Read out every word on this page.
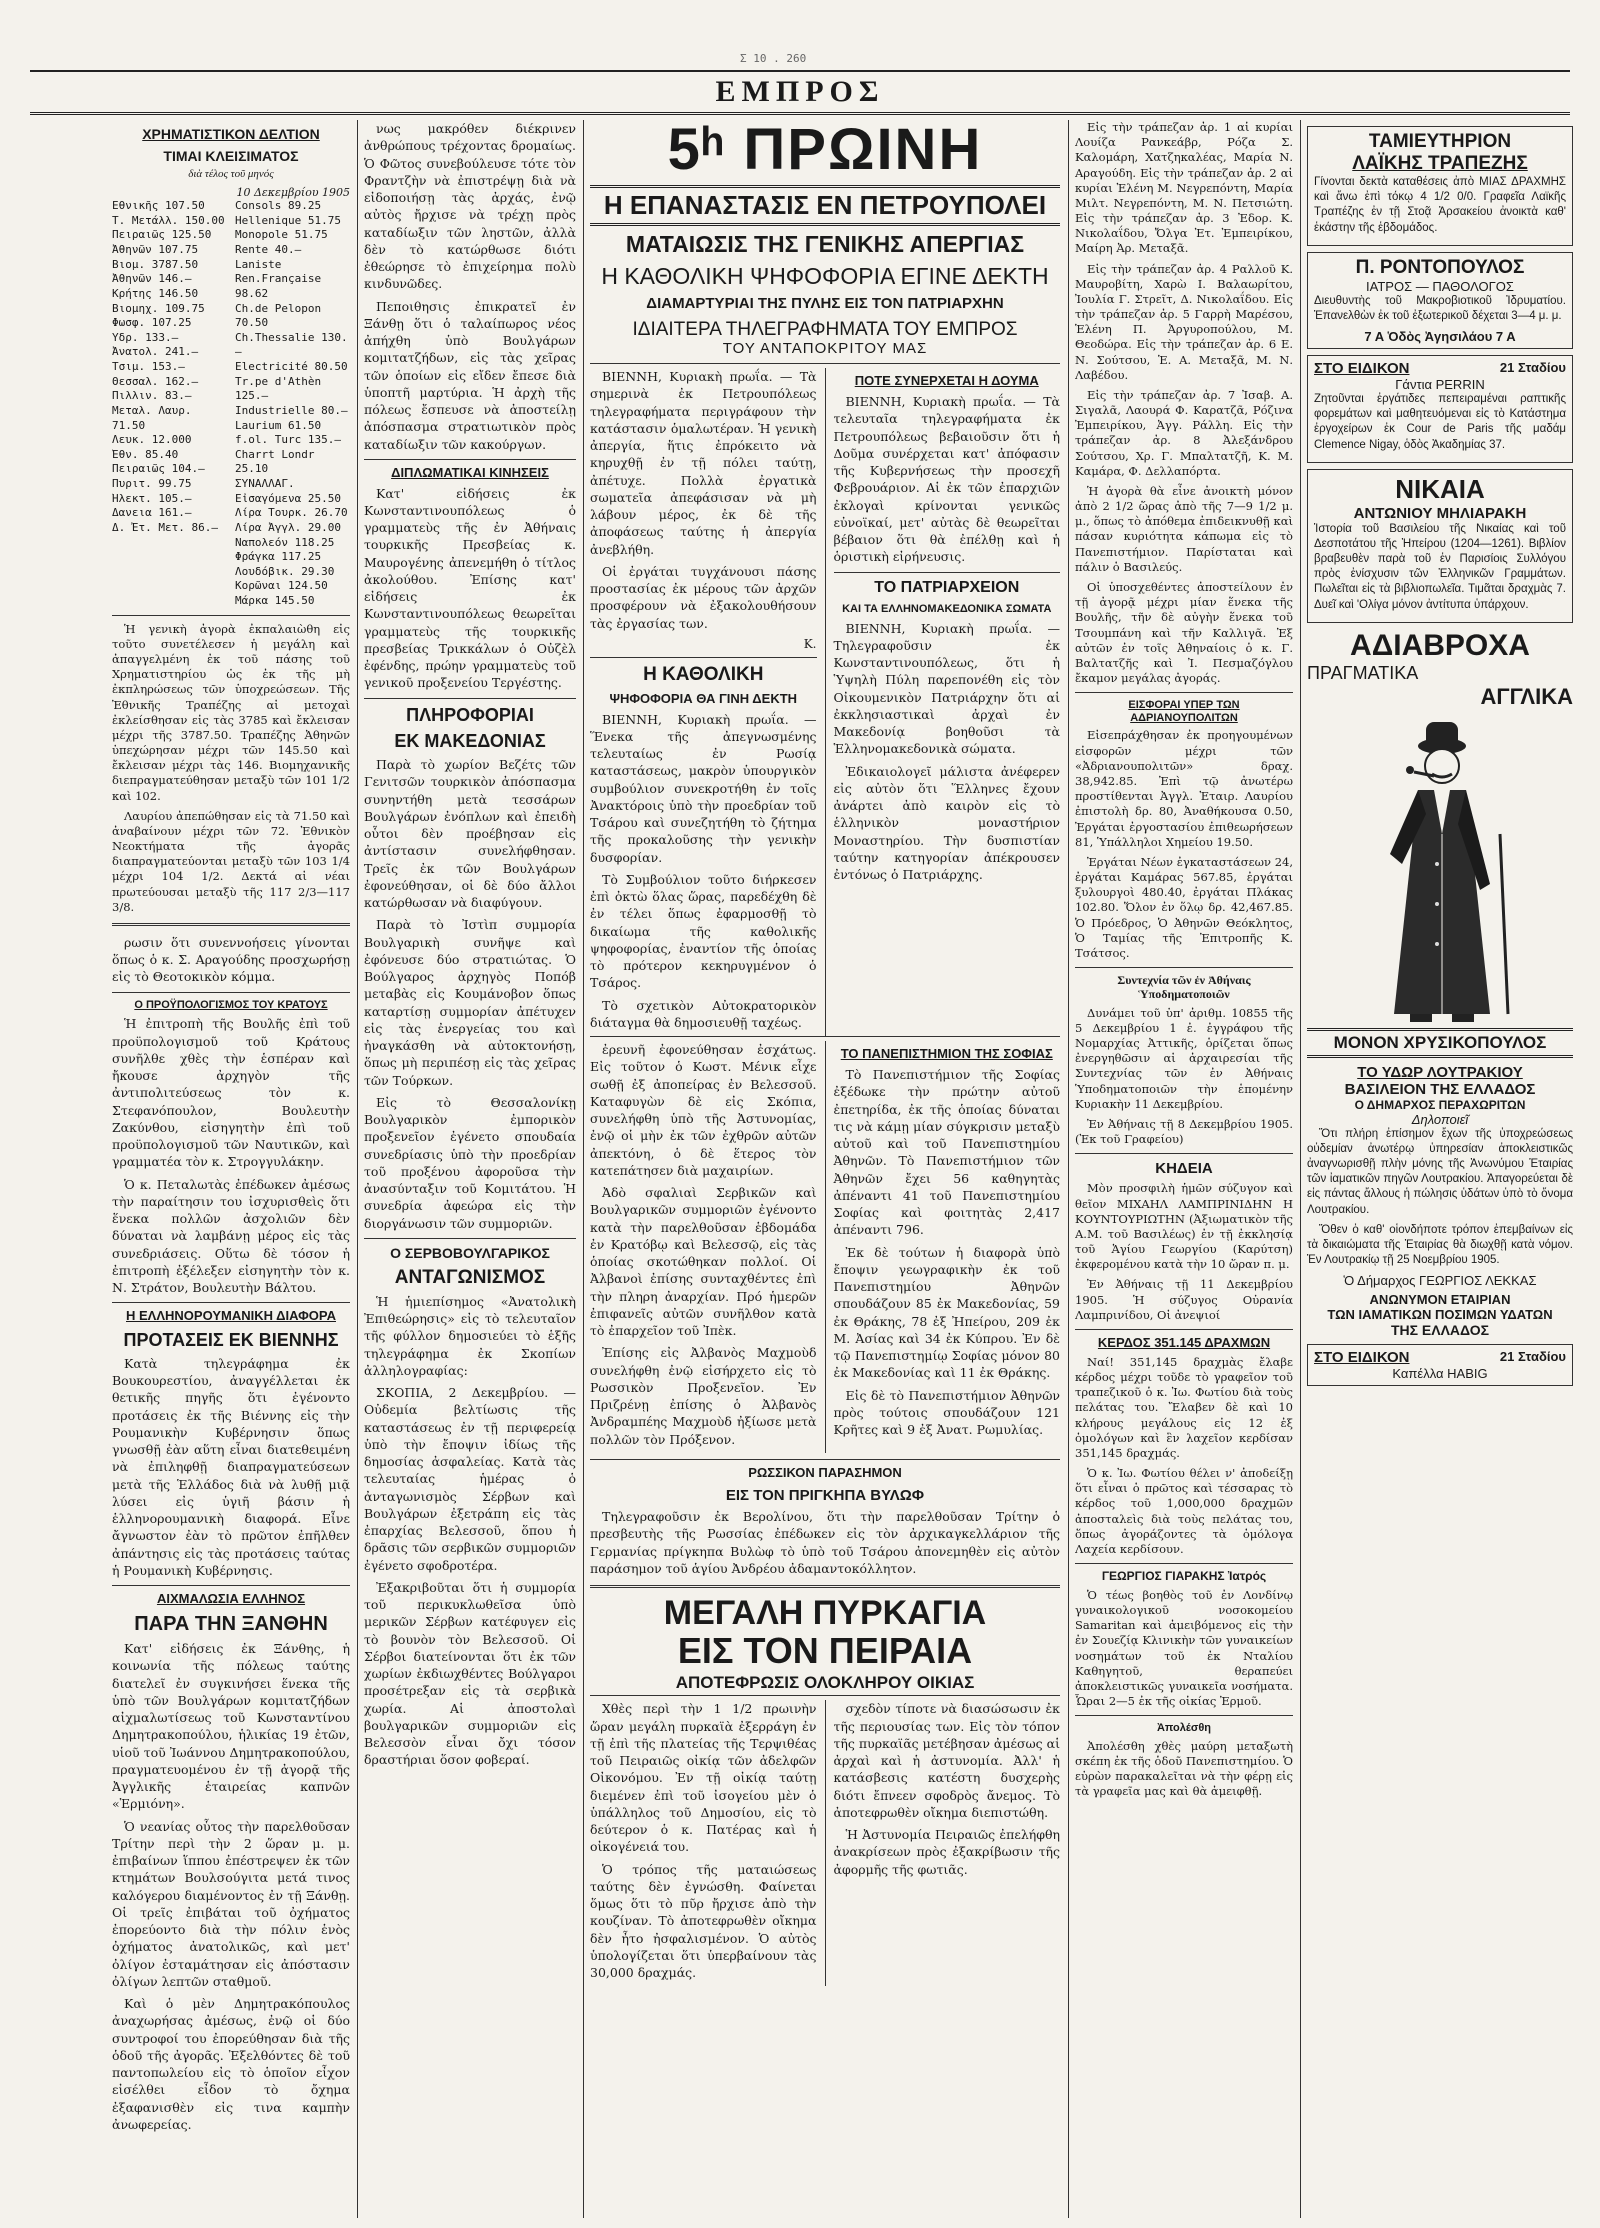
Σ 10 . 260
ΕΜΠΡΟΣ
ΧΡΗΜΑΤΙΣΤΙΚΟΝ ΔΕΛΤΙΟΝ
ΤΙΜΑΙ ΚΛΕΙΣΙΜΑΤΟΣ
διὰ τέλος τοῦ μηνός
10 Δεκεμβρίου 1905
Εθνικῆς 107.50
Τ. Μετάλλ. 150.00
Πειραιῶς 125.50
Ἀθηνῶν 107.75
Βιομ. 3787.50
Ἀθηνῶν 146.—
Κρήτης 146.50
Βιομηχ. 109.75
Φωσφ. 107.25
Ὑδρ. 133.—
Ἀνατολ. 241.—
Τσιμ. 153.—
Θεσσαλ. 162.—
Πιλλιν. 83.—
Μεταλ. Λαυρ. 71.50
Λευκ. 12.000
Ἐθν. 85.40
Πειραιῶς 104.—
Πυριτ. 99.75
Ἠλεκτ. 105.—
Δανεια 161.—
Δ. Ἐτ. Μετ. 86.—
Consols 89.25
Hellenique 51.75
Monopole 51.75
Rente 40.—
Laniste
Ren.Française 98.62
Ch.de Pelopon 70.50
Ch.Thessalie 130.—
Electricité 80.50
Tr.pe d'Athèn 125.—
Industrielle 80.—
Laurium 61.50
f.ol. Turc 135.—
Charrt Londr 25.10
ΣΥΝΑΛΛΑΓ.
Εἰσαγόμενα 25.50
Λίρα Τουρκ. 26.70
Λίρα Ἀγγλ. 29.00
Ναπολεόν 118.25
Φράγκα 117.25
Λουδόβικ. 29.30
Κορῶναι 124.50
Μάρκα 145.50

Ἡ γενικὴ ἀγορὰ ἐκπαλαιὼθη εἰς τοῦτο συνετέλεσεν ἡ μεγάλη καὶ ἀπαγγελμένη ἐκ τοῦ πάσης τοῦ Χρηματιστηρίου ὡς ἐκ τῆς μὴ ἐκπληρώσεως τῶν ὑποχρεώσεων. Τῆς Ἐθνικῆς Τραπέζης αἱ μετοχαὶ ἐκλείσθησαν εἰς τὰς 3785 καὶ ἔκλεισαν μέχρι τῆς 3787.50. Τραπέζης Ἀθηνῶν ὑπεχώρησαν μέχρι τῶν 145.50 καὶ ἔκλεισαν μέχρι τὰς 146. Βιομηχανικῆς διεπραγματεύθησαν μεταξὺ τῶν 101 1/2 καὶ 102.

Λαυρίου ἀπεπώθησαν εἰς τὰ 71.50 καὶ ἀναβαίνουν μέχρι τῶν 72. Ἐθνικὸν Νεοκτήματα τῆς ἀγορᾶς διαπραγματεύονται μεταξὺ τῶν 103 1/4 μέχρι 104 1/2. Δεκτά αἱ νέαι πρωτεύουσαι μεταξὺ τῆς 117 2/3—117 3/8.

ρωσιν ὅτι συνεννοήσεις γίνονται ὅπως ὁ κ. Σ. Αραγούδης προσχωρήσῃ εἰς τὸ Θεοτοκικὸν κόμμα.

Ο ΠΡΟΫΠΟΛΟΓΙΣΜΟΣ ΤΟΥ ΚΡΑΤΟΥΣ

Ἡ ἐπιτροπὴ τῆς Βουλῆς ἐπὶ τοῦ προϋπολογισμοῦ τοῦ Κράτους συνῆλθε χθὲς τὴν ἑσπέραν καὶ ἤκουσε ἀρχηγὸν τῆς ἀντιπολιτεύσεως τὸν κ. Στεφανόπουλον, Βουλευτὴν Ζακύνθου, εἰσηγητὴν ἐπὶ τοῦ προϋπολογισμοῦ τῶν Ναυτικῶν, καὶ γραμματέα τὸν κ. Στρογγυλάκην.

Ὁ κ. Πεταλωτὰς ἐπέδωκεν ἀμέσως τὴν παραίτησιν του ἰσχυρισθεὶς ὅτι ἕνεκα πολλῶν ἀσχολιῶν δὲν δύναται νὰ λαμβάνῃ μέρος εἰς τὰς συνεδριάσεις. Οὕτω δὲ τόσον ἡ ἐπιτροπὴ ἐξέλεξεν εἰσηγητὴν τὸν κ. Ν. Στράτον, Βουλευτὴν Βάλτου.

Η ΕΛΛΗΝΟΡΟΥΜΑΝΙΚΗ ΔΙΑΦΟΡΑ
ΠΡΟΤΑΣΕΙΣ ΕΚ ΒΙΕΝΝΗΣ

Κατὰ τηλεγράφημα ἐκ Βουκουρεστίου, ἀναγγέλλεται ἐκ θετικῆς πηγῆς ὅτι ἐγένοντο προτάσεις ἐκ τῆς Βιέννης εἰς τὴν Ρουμανικὴν Κυβέρνησιν ὅπως γνωσθῇ ἐὰν αὕτη εἶναι διατεθειμένη νὰ ἐπιληφθῇ διαπραγματεύσεων μετὰ τῆς Ἑλλάδος διὰ νὰ λυθῇ μιᾷ λύσει εἰς ὑγιῆ βάσιν ἡ ἑλληνορουμανικὴ διαφορά. Εἶνε ἄγνωστον ἐὰν τὸ πρῶτον ἐπῆλθεν ἀπάντησις εἰς τὰς προτάσεις ταύτας ἡ Ρουμανικὴ Κυβέρνησις.

ΑΙΧΜΑΛΩΣΙΑ ΕΛΛΗΝΟΣ
ΠΑΡΑ ΤΗΝ ΞΑΝΘΗΝ

Κατ' εἰδήσεις ἐκ Ξάνθης, ἡ κοινωνία τῆς πόλεως ταύτης διατελεῖ ἐν συγκινήσει ἕνεκα τῆς ὑπὸ τῶν Βουλγάρων κομιτατζήδων αἰχμαλωτίσεως τοῦ Κωνσταντίνου Δημητρακοπούλου, ἡλικίας 19 ἐτῶν, υἱοῦ τοῦ Ἰωάννου Δημητρακοπούλου, πραγματευομένου ἐν τῇ ἀγορᾷ τῆς Ἀγγλικῆς ἑταιρείας καπνῶν «Ἑρμιόνη».

Ὁ νεανίας οὗτος τὴν παρελθοῦσαν Τρίτην περὶ τὴν 2 ὥραν μ. μ. ἐπιβαίνων ἵππου ἐπέστρεψεν ἐκ τῶν κτημάτων Βουλσούγιτα μετά τινος καλόγερου διαμένοντος ἐν τῇ Ξάνθῃ. Οἱ τρεῖς ἐπιβάται τοῦ ὀχήματος ἐπορεύοντο διὰ τὴν πόλιν ἑνὸς ὀχήματος ἀνατολικῶς, καὶ μετ' ὀλίγον ἐσταμάτησαν εἰς ἀπόστασιν ὀλίγων λεπτῶν σταθμοῦ.

Καὶ ὁ μὲν Δημητρακόπουλος ἀναχωρήσας ἀμέσως, ἐνῷ οἱ δύο συντροφοί του ἐπορεύθησαν διὰ τῆς ὁδοῦ τῆς ἀγορᾶς. Ἐξελθόντες δὲ τοῦ παντοπωλείου εἰς τὸ ὁποῖον εἶχον εἰσέλθει εἶδον τὸ ὄχημα ἐξαφανισθὲν εἰς τινα καμπὴν ἀνωφερείας.

νως μακρόθεν διέκρινεν ἀνθρώπους τρέχοντας δρομαίως. Ὁ Φῶτος συνεβούλευσε τότε τὸν Φραντζὴν νὰ ἐπιστρέψῃ διὰ νὰ εἰδοποιήσῃ τὰς ἀρχάς, ἐνῷ αὐτὸς ἤρχισε νὰ τρέχῃ πρὸς καταδίωξιν τῶν ληστῶν, ἀλλὰ δὲν τὸ κατώρθωσε διότι ἐθεώρησε τὸ ἐπιχείρημα πολὺ κινδυνῶδες.

Πεποιθησις ἐπικρατεῖ ἐν Ξάνθῃ ὅτι ὁ ταλαίπωρος νέος ἀπήχθη ὑπὸ Βουλγάρων κομιτατζήδων, εἰς τὰς χεῖρας τῶν ὁποίων εἰς εἴδεν ἔπεσε διὰ ὑποπτῆ μαρτύρια. Ἡ ἀρχὴ τῆς πόλεως ἔσπευσε νὰ ἀποστείλῃ ἀπόσπασμα στρατιωτικὸν πρὸς καταδίωξιν τῶν κακούργων.

ΔΙΠΛΩΜΑΤΙΚΑΙ ΚΙΝΗΣΕΙΣ

Κατ' εἰδήσεις ἐκ Κωνσταντινουπόλεως ὁ γραμματεὺς τῆς ἐν Ἀθήναις τουρκικῆς Πρεσβείας κ. Μαυρογένης ἀπενεμήθη ὁ τίτλος ἀκολούθου. Ἐπίσης κατ' εἰδήσεις ἐκ Κωνσταντινουπόλεως θεωρεῖται γραμματεὺς τῆς τουρκικῆς πρεσβείας Τρικκάλων ὁ Οὐζὲλ ἐφένδης, πρώην γραμματεὺς τοῦ γενικοῦ προξενείου Τεργέστης.

ΠΛΗΡΟΦΟΡΙΑΙ
ΕΚ ΜΑΚΕΔΟΝΙΑΣ

Παρὰ τὸ χωρίον Βεζέτς τῶν Γενιτσῶν τουρκικὸν ἀπόσπασμα συνηντήθη μετὰ τεσσάρων Βουλγάρων ἐνόπλων καὶ ἐπειδὴ οὗτοι δὲν προέβησαν εἰς ἀντίστασιν συνελήφθησαν. Τρεῖς ἐκ τῶν Βουλγάρων ἐφονεύθησαν, οἱ δὲ δύο ἄλλοι κατώρθωσαν νὰ διαφύγουν.

Παρὰ τὸ Ἰστὶπ συμμορία Βουλγαρικὴ συνῆψε καὶ ἐφόνευσε δύο στρατιώτας. Ὁ Βούλγαρος ἀρχηγὸς Ποπόβ μεταβὰς εἰς Κουμάνοβον ὅπως καταρτίσῃ συμμορίαν ἀπέτυχεν εἰς τὰς ἐνεργείας του καὶ ἠναγκάσθη νὰ αὐτοκτονήσῃ, ὅπως μὴ περιπέσῃ εἰς τὰς χεῖρας τῶν Τούρκων.

Εἰς τὸ Θεσσαλονίκῃ Βουλγαρικὸν ἐμπορικὸν προξενεῖον ἐγένετο σπουδαία συνεδρίασις ὑπὸ τὴν προεδρίαν τοῦ προξένου ἀφοροῦσα τὴν ἀνασύνταξιν τοῦ Κομιτάτου. Ἡ συνεδρία ἀφεώρα εἰς τὴν διοργάνωσιν τῶν συμμοριῶν.

Ο ΣΕΡΒΟΒΟΥΛΓΑΡΙΚΟΣ
ΑΝΤΑΓΩΝΙΣΜΟΣ

Ἡ ἡμιεπίσημος «Ἀνατολικὴ Ἐπιθεώρησις» εἰς τὸ τελευταῖον τῆς φύλλον δημοσιεύει τὸ ἑξῆς τηλεγράφημα ἐκ Σκοπίων ἀλληλογραφίας:

ΣΚΟΠΙΑ, 2 Δεκεμβρίου. — Οὐδεμία βελτίωσις τῆς καταστάσεως ἐν τῇ περιφερείᾳ ὑπὸ τὴν ἔποψιν ἰδίως τῆς δημοσίας ἀσφαλείας. Κατὰ τὰς τελευταίας ἡμέρας ὁ ἀνταγωνισμὸς Σέρβων καὶ Βουλγάρων ἐξετράπη εἰς τὰς ἐπαρχίας Βελεσσοῦ, ὅπου ἡ δρᾶσις τῶν σερβικῶν συμμοριῶν ἐγένετο σφοδροτέρα.

Ἐξακριβοῦται ὅτι ἡ συμμορία τοῦ περικυκλωθεῖσα ὑπὸ μερικῶν Σέρβων κατέφυγεν εἰς τὸ βουνὸν τὸν Βελεσσοῦ. Οἱ Σέρβοι διατείνονται ὅτι ἐκ τῶν χωρίων ἐκδιωχθέντες Βούλγαροι προσέτρεξαν εἰς τὰ σερβικὰ χωρία. Αἱ ἀποστολαὶ βουλγαρικῶν συμμοριῶν εἰς Βελεσσὸν εἶναι ὄχι τόσον δραστήριαι ὅσον φοβεραί.

5ʰ ΠΡΩΙΝΗ
Η ΕΠΑΝΑΣΤΑΣΙΣ ΕΝ ΠΕΤΡΟΥΠΟΛΕΙ
ΜΑΤΑΙΩΣΙΣ ΤΗΣ ΓΕΝΙΚΗΣ ΑΠΕΡΓΙΑΣ
Η ΚΑΘΟΛΙΚΗ ΨΗΦΟΦΟΡΙΑ ΕΓΙΝΕ ΔΕΚΤΗ
ΔΙΑΜΑΡΤΥΡΙΑΙ ΤΗΣ ΠΥΛΗΣ ΕΙΣ ΤΟΝ ΠΑΤΡΙΑΡΧΗΝ
ΙΔΙΑΙΤΕΡΑ ΤΗΛΕΓΡΑΦΗΜΑΤΑ ΤΟΥ ΕΜΠΡΟΣ
ΤΟΥ ΑΝΤΑΠΟΚΡΙΤΟΥ ΜΑΣ

ΒΙΕΝΝΗ, Κυριακὴ πρωΐα. — Τὰ σημερινὰ ἐκ Πετρουπόλεως τηλεγραφήματα περιγράφουν τὴν κατάστασιν ὁμαλωτέραν. Ἡ γενικὴ ἀπεργία, ἥτις ἐπρόκειτο νὰ κηρυχθῇ ἐν τῇ πόλει ταύτῃ, ἀπέτυχε. Πολλὰ ἐργατικὰ σωματεῖα ἀπεφάσισαν νὰ μὴ λάβουν μέρος, ἐκ δὲ τῆς ἀποφάσεως ταύτης ἡ ἀπεργία ἀνεβλήθη.

Οἱ ἐργάται τυγχάνουσι πάσης προστασίας ἐκ μέρους τῶν ἀρχῶν προσφέρουν νὰ ἐξακολουθήσουν τὰς ἐργασίας των.

Κ.
Η ΚΑΘΟΛΙΚΗ
ΨΗΦΟΦΟΡΙΑ ΘΑ ΓΙΝΗ ΔΕΚΤΗ

ΒΙΕΝΝΗ, Κυριακὴ πρωΐα. — Ἕνεκα τῆς ἀπεγνωσμένης τελευταίως ἐν Ρωσίᾳ καταστάσεως, μακρὸν ὑπουργικὸν συμβούλιον συνεκροτήθη ἐν τοῖς Ἀνακτόροις ὑπὸ τὴν προεδρίαν τοῦ Τσάρου καὶ συνεζητήθη τὸ ζήτημα τῆς προκαλοῦσης τὴν γενικὴν δυσφορίαν.

Τὸ Συμβούλιον τοῦτο διήρκεσεν ἐπὶ ὀκτὼ ὅλας ὥρας, παρεδέχθη δὲ ἐν τέλει ὅπως ἐφαρμοσθῇ τὸ δικαίωμα τῆς καθολικῆς ψηφοφορίας, ἐναντίον τῆς ὁποίας τὸ πρότερον κεκηρυγμένον ὁ Τσάρος.

Τὸ σχετικὸν Αὐτοκρατορικὸν διάταγμα θὰ δημοσιευθῇ ταχέως.

ΠΟΤΕ ΣΥΝΕΡΧΕΤΑΙ Η ΔΟΥΜΑ

ΒΙΕΝΝΗ, Κυριακὴ πρωΐα. — Τὰ τελευταῖα τηλεγραφήματα ἐκ Πετρουπόλεως βεβαιοῦσιν ὅτι ἡ Δοῦμα συνέρχεται κατ' ἀπόφασιν τῆς Κυβερνήσεως τὴν προσεχῆ Φεβρουάριον. Αἱ ἐκ τῶν ἐπαρχιῶν ἐκλογαὶ κρίνονται γενικῶς εὐνοϊκαί, μετ' αὐτὰς δὲ θεωρεῖται βέβαιον ὅτι θὰ ἐπέλθῃ καὶ ἡ ὁριστικὴ εἰρήνευσις.

ΤΟ ΠΑΤΡΙΑΡΧΕΙΟΝ
ΚΑΙ ΤΑ ΕΛΛΗΝΟΜΑΚΕΔΟΝΙΚΑ ΣΩΜΑΤΑ

ΒΙΕΝΝΗ, Κυριακὴ πρωΐα. — Τηλεγραφοῦσιν ἐκ Κωνσταντινουπόλεως, ὅτι ἡ Ὑψηλὴ Πύλη παρεπονέθη εἰς τὸν Οἰκουμενικὸν Πατριάρχην ὅτι αἱ ἐκκλησιαστικαὶ ἀρχαὶ ἐν Μακεδονίᾳ βοηθοῦσι τὰ Ἑλληνομακεδονικὰ σώματα.

Ἐδικαιολογεῖ μάλιστα ἀνέφερεν εἰς αὐτὸν ὅτι Ἕλληνες ἔχουν ἀνάρτει ἀπὸ καιρὸν εἰς τὸ ἑλληνικὸν μοναστήριον Μοναστηρίου. Τὴν δυσπιστίαν ταύτην κατηγορίαν ἀπέκρουσεν ἐντόνως ὁ Πατριάρχης.

ἐρευνῆ ἐφονεύθησαν ἐσχάτως. Εἰς τοῦτον ὁ Κωστ. Μένικ εἶχε σωθῇ ἐξ ἀποπείρας ἐν Βελεσσοῦ. Καταφυγὼν δὲ εἰς Σκόπια, συνελήφθη ὑπὸ τῆς Ἀστυνομίας, ἐνῷ οἱ μὴν ἐκ τῶν ἐχθρῶν αὐτῶν ἀπεκτόνη, ὁ δὲ ἕτερος τὸν κατεπάτησεν διὰ μαχαιρίων.

Ἀδὸ σφαλιαὶ Σερβικῶν καὶ Βουλγαρικῶν συμμοριῶν ἐγένοντο κατὰ τὴν παρελθοῦσαν ἑβδομάδα ἐν Κρατόβῳ καὶ Βελεσσῷ, εἰς τὰς ὁποίας σκοτώθηκαν πολλοί. Οἱ Ἀλβανοὶ ἐπίσης συνταχθέντες ἐπὶ τὴν πληρη ἀναρχίαν. Πρό ἡμερῶν ἐπιφανεῖς αὐτῶν συνῆλθον κατὰ τὸ ἐπαρχεῖον τοῦ Ἰπὲκ.

Ἐπίσης εἰς Ἀλβανὸς Μαχμοὺδ συνελήφθη ἐνῷ εἰσήρχετο εἰς τὸ Ρωσσικὸν Προξενεῖον. Ἐν Πριζρένῃ ἐπίσης ὁ Ἀλβανὸς Ἀνδραμπέης Μαχμοὺδ ἠξίωσε μετὰ πολλῶν τὸν Πρόξενον.

ΤΟ ΠΑΝΕΠΙΣΤΗΜΙΟΝ ΤΗΣ ΣΟΦΙΑΣ

Τὸ Πανεπιστήμιον τῆς Σοφίας ἐξέδωκε τὴν πρώτην αὐτοῦ ἐπετηρίδα, ἐκ τῆς ὁποίας δύναται τις νὰ κάμῃ μίαν σύγκρισιν μεταξὺ αὐτοῦ καὶ τοῦ Πανεπιστημίου Ἀθηνῶν. Τὸ Πανεπιστήμιον τῶν Ἀθηνῶν ἔχει 56 καθηγητὰς ἀπέναντι 41 τοῦ Πανεπιστημίου Σοφίας καὶ φοιτητὰς 2,417 ἀπέναντι 796.

Ἐκ δὲ τούτων ἡ διαφορὰ ὑπὸ ἔποψιν γεωγραφικὴν ἐκ τοῦ Πανεπιστημίου Ἀθηνῶν σπουδάζουν 85 ἐκ Μακεδονίας, 59 ἐκ Θράκης, 78 ἐξ Ἠπείρου, 209 ἐκ Μ. Ἀσίας καὶ 34 ἐκ Κύπρου. Ἐν δὲ τῷ Πανεπιστημίῳ Σοφίας μόνον 80 ἐκ Μακεδονίας καὶ 11 ἐκ Θράκης.

Εἰς δὲ τὸ Πανεπιστήμιον Ἀθηνῶν πρὸς τούτοις σπουδάζουν 121 Κρῆτες καὶ 9 ἐξ Ἀνατ. Ρωμυλίας.

ΡΩΣΣΙΚΟΝ ΠΑΡΑΣΗΜΟΝ
ΕΙΣ ΤΟΝ ΠΡΙΓΚΗΠΑ ΒΥΛΩΦ

Τηλεγραφοῦσιν ἐκ Βερολίνου, ὅτι τὴν παρελθοῦσαν Τρίτην ὁ πρεσβευτὴς τῆς Ρωσσίας ἐπέδωκεν εἰς τὸν ἀρχικαγκελλάριον τῆς Γερμανίας πρίγκηπα Βυλὼφ τὸ ὑπὸ τοῦ Τσάρου ἀπονεμηθὲν εἰς αὐτὸν παράσημον τοῦ ἁγίου Ἀνδρέου ἀδαμαντοκόλλητον.

ΜΕΓΑΛΗ ΠΥΡΚΑΓΙΑ
ΕΙΣ ΤΟΝ ΠΕΙΡΑΙΑ
ΑΠΟΤΕΦΡΩΣΙΣ ΟΛΟΚΛΗΡΟΥ ΟΙΚΙΑΣ

Χθὲς περὶ τὴν 1 1/2 πρωινὴν ὥραν μεγάλη πυρκαϊὰ ἐξερράγη ἐν τῇ ἐπὶ τῆς πλατείας τῆς Τερψιθέας τοῦ Πειραιῶς οἰκίᾳ τῶν ἀδελφῶν Οἰκονόμου. Ἐν τῇ οἰκίᾳ ταύτῃ διεμένεν ἐπὶ τοῦ ἰσογείου μὲν ὁ ὑπάλληλος τοῦ Δημοσίου, εἰς τὸ δεύτερον ὁ κ. Πατέρας καὶ ἡ οἰκογένειά του.

Ὁ τρόπος τῆς ματαιώσεως ταύτης δὲν ἐγνώσθη. Φαίνεται ὅμως ὅτι τὸ πῦρ ἤρχισε ἀπὸ τὴν κουζίναν. Τὸ ἀποτεφρωθὲν οἴκημα δὲν ἦτο ἠσφαλισμένον. Ὁ αὐτὸς ὑπολογίζεται ὅτι ὑπερβαίνουν τὰς 30,000 δραχμάς.

σχεδὸν τίποτε νὰ διασώσωσιν ἐκ τῆς περιουσίας των. Εἰς τὸν τόπον τῆς πυρκαϊᾶς μετέβησαν ἀμέσως αἱ ἀρχαὶ καὶ ἡ ἀστυνομία. Ἀλλ' ἡ κατάσβεσις κατέστη δυσχερὴς διότι ἔπνεεν σφοδρὸς ἄνεμος. Τὸ ἀποτεφρωθὲν οἴκημα διεπιστώθη.

Ἡ Ἀστυνομία Πειραιῶς ἐπελήφθη ἀνακρίσεων πρὸς ἐξακρίβωσιν τῆς ἀφορμῆς τῆς φωτιᾶς.

Εἰς τὴν τράπεζαν ἀρ. 1 αἱ κυρίαι Λουίζα Ρανκεάβρ, Ρόζα Σ. Καλομάρη, Χατζηκαλέας, Μαρία Ν. Αραγούδη. Εἰς τὴν τράπεζαν ἀρ. 2 αἱ κυρίαι Ἑλένη Μ. Νεγρεπόντη, Μαρία Μιλτ. Νεγρεπόντη, Μ. Ν. Πετσιώτη. Εἰς τὴν τράπεζαν ἀρ. 3 Ἐδορ. Κ. Νικολαΐδου, Ὄλγα Ἐτ. Ἐμπειρίκου, Μαίρη Ἀρ. Μεταξᾶ.

Εἰς τὴν τράπεζαν ἀρ. 4 Ραλλοῦ Κ. Μαυροβίτη, Χαρὼ Ι. Βαλαωρίτου, Ἰουλία Γ. Στρεῖτ, Δ. Νικολαΐδου. Εἰς τὴν τράπεζαν ἀρ. 5 Γαρρὴ Μαρέσου, Ἑλένη Π. Ἀργυροπούλου, Μ. Θεοδώρα. Εἰς τὴν τράπεζαν ἀρ. 6 Ε. Ν. Σούτσου, Ἑ. Α. Μεταξᾶ, Μ. Ν. Λαβέδου.

Εἰς τὴν τράπεζαν ἀρ. 7 Ἰσαβ. Α. Σιγαλᾶ, Λαουρά Φ. Καρατζᾶ, Ρόζινα Ἐμπειρίκου, Ἀγγ. Ράλλη. Εἰς τὴν τράπεζαν ἀρ. 8 Ἀλεξάνδρου Σούτσου, Χρ. Γ. Μπαλτατζῆ, Κ. Μ. Καμάρα, Φ. Δελλαπόρτα.

Ἡ ἀγορὰ θὰ εἶνε ἀνοικτὴ μόνον ἀπὸ 2 1/2 ὥρας ἀπὸ τῆς 7—9 1/2 μ. μ., ὅπως τὸ ἀπόθεμα ἐπιδεικνυθῇ καὶ πάσαν κυριότητα κάπωμα εἰς τὸ Πανεπιστήμιον. Παρίσταται καὶ πάλιν ὁ Βασιλεύς.

Οἱ ὑποσχεθέντες ἀποστείλουν ἐν τῇ ἀγορᾷ μέχρι μίαν ἕνεκα τῆς Βουλῆς, τῆν δὲ αὐγὴν ἕνεκα τοῦ Τσουμπάνη καὶ τῆν Καλλιγᾶ. Ἐξ αὐτῶν ἐν τοῖς Ἀθηναίοις ὁ κ. Γ. Βαλτατζῆς καὶ Ἰ. Πεσμαζόγλου ἔκαμον μεγάλας ἀγοράς.

ΕΙΣΦΟΡΑΙ ΥΠΕΡ ΤΩΝ ΑΔΡΙΑΝΟΥΠΟΛΙΤΩΝ

Εἰσεπράχθησαν ἐκ προηγουμένων εἰσφορῶν μέχρι τῶν «Ἀδριανουπολιτῶν» δραχ. 38,942.85. Ἐπὶ τῷ ἀνωτέρω προστίθενται Ἀγγλ. Ἑταιρ. Λαυρίου ἐπιστολὴ δρ. 80, Ἀναθήκουσα 0.50, Ἐργάται ἐργοστασίου ἐπιθεωρήσεων 81, Ὑπάλληλοι Χημείου 19.50.

Ἐργάται Νέων ἐγκαταστάσεων 24, ἐργάται Καμάρας 567.85, ἐργάται ξυλουργοὶ 480.40, ἐργάται Πλάκας 102.80. Ὅλον ἐν ὅλῳ δρ. 42,467.85. Ὁ Πρόεδρος, Ὁ Ἀθηνῶν Θεόκλητος, Ὁ Ταμίας τῆς Ἐπιτροπῆς Κ. Τσάτσος.

Συντεχνία τῶν ἐν Ἀθήναις Ὑποδηματοποιῶν

Δυνάμει τοῦ ὑπ' ἀριθμ. 10855 τῆς 5 Δεκεμβρίου 1 ἐ. ἐγγράφου τῆς Νομαρχίας Ἀττικῆς, ὁρίζεται ὅπως ἐνεργηθῶσιν αἱ ἀρχαιρεσίαι τῆς Συντεχνίας τῶν ἐν Ἀθήναις Ὑποδηματοποιῶν τὴν ἑπομένην Κυριακὴν 11 Δεκεμβρίου.

Ἐν Ἀθήναις τῇ 8 Δεκεμβρίου 1905. (Ἐκ τοῦ Γραφείου)

ΚΗΔΕΙΑ

Μὸν προσφιλὴ ἡμῶν σύζυγον καὶ θεῖον ΜΙΧΑΗΛ ΛΑΜΠΡΙΝΙΔΗΝ Η ΚΟΥΝΤΟΥΡΙΩΤΗΝ (Ἀξιωματικὸν τῆς Α.Μ. τοῦ Βασιλέως) ἐν τῇ ἐκκλησίᾳ τοῦ Ἁγίου Γεωργίου (Καρύτση) ἐκφερομένου κατὰ τὴν 10 ὥραν π. μ.

Ἐν Ἀθήναις τῇ 11 Δεκεμβρίου 1905. Ἡ σύζυγος Οὐρανία Λαμπρινίδου, Οἱ ἀνεψιοί

ΚΕΡΔΟΣ 351.145 ΔΡΑΧΜΩΝ

Ναί! 351,145 δραχμὰς ἔλαβε κέρδος μέχρι τοῦδε τὸ γραφεῖον τοῦ τραπεζικοῦ ὁ κ. Ἰω. Φωτίου διὰ τοὺς πελάτας του. Ἔλαβεν δὲ καὶ 10 κλήρους μεγάλους εἰς 12 ἐξ ὁμολόγων καὶ ἓν λαχεῖον κερδίσαν 351,145 δραχμάς.

Ὁ κ. Ἰω. Φωτίου θέλει ν' ἀποδείξῃ ὅτι εἶναι ὁ πρῶτος καὶ τέσσαρας τὸ κέρδος τοῦ 1,000,000 δραχμῶν ἀποσταλεὶς διὰ τοὺς πελάτας του, ὅπως ἀγοράζοντες τὰ ὁμόλογα Λαχεία κερδίσουν.

ΓΕΩΡΓΙΟΣ ΓΙΑΡΑΚΗΣ Ἰατρός

Ὁ τέως βοηθὸς τοῦ ἐν Λονδίνῳ γυναικολογικοῦ νοσοκομείου Samaritan καὶ ἀμειβόμενος εἰς τὴν ἐν Σουεζίᾳ Κλινικὴν τῶν γυναικείων νοσημάτων τοῦ ἐκ Νταλίου Καθηγητοῦ, θεραπεύει ἀποκλειστικῶς γυναικεῖα νοσήματα. Ὧραι 2—5 ἐκ τῆς οἰκίας Ἐρμοῦ.

Ἀπολέσθη

Ἀπολέσθη χθὲς μαύρη μεταξωτὴ σκέπη ἐκ τῆς ὁδοῦ Πανεπιστημίου. Ὁ εὑρὼν παρακαλεῖται νὰ τὴν φέρῃ εἰς τὰ γραφεῖα μας καὶ θὰ ἀμειφθῇ.

ΤΑΜΙΕΥΤΗΡΙΟΝ
ΛΑΪΚΗΣ ΤΡΑΠΕΖΗΣ

Γίνονται δεκτὰ καταθέσεις ἀπὸ ΜΙΑΣ ΔΡΑΧΜΗΣ καὶ ἄνω ἐπὶ τόκῳ 4 1/2 0/0. Γραφεῖα Λαϊκῆς Τραπέζης ἐν τῇ Στοᾷ Ἀρσακείου ἀνοικτὰ καθ' ἑκάστην τῆς ἑβδομάδος.

Π. ΡΟΝΤΟΠΟΥΛΟΣ
ΙΑΤΡΟΣ — ΠΑΘΟΛΟΓΟΣ

Διευθυντὴς τοῦ Μακροβιοτικοῦ Ἰδρυματίου. Ἐπανελθὼν ἐκ τοῦ ἐξωτερικοῦ δέχεται 3—4 μ. μ.

7 Α Ὁδὸς Ἀγησιλάου 7 Α
ΣΤΟ ΕΙΔΙΚΟΝ	21 Σταδίου
Γάντια PERRIN

Ζητοῦνται ἐργάτιδες πεπειραμέναι ραπτικῆς φορεμάτων καὶ μαθητευόμεναι εἰς τὸ Κατάστημα ἐργοχείρων ἐκ Cour de Paris τῆς μαδάμ Clemence Nigay, ὁδὸς Ἀκαδημίας 37.

ΝΙΚΑΙΑ
ΑΝΤΩΝΙΟΥ ΜΗΛΙΑΡΑΚΗ

Ἱστορία τοῦ Βασιλείου τῆς Νικαίας καὶ τοῦ Δεσποτάτου τῆς Ἠπείρου (1204—1261). Βιβλίον βραβευθὲν παρὰ τοῦ ἐν Παρισίοις Συλλόγου πρὸς ἐνίσχυσιν τῶν Ἑλληνικῶν Γραμμάτων. Πωλεῖται εἰς τὰ βιβλιοπωλεῖα. Τιμᾶται δραχμὰς 7. Δυεῖ καὶ 'Ολίγα μόνον ἀντίτυπα ὑπάρχουν.

ΑΔΙΑΒΡΟΧΑ
ΠΡΑΓΜΑΤΙΚΑ
ΑΓΓΛΙΚΑ
ΜΟΝΟΝ ΧΡΥΣΙΚΟΠΟΥΛΟΣ
ΤΟ ΥΔΩΡ ΛΟΥΤΡΑΚΙΟΥ
ΒΑΣΙΛΕΙΟΝ ΤΗΣ ΕΛΛΑΔΟΣ
Ο ΔΗΜΑΡΧΟΣ ΠΕΡΑΧΩΡΙΤΩΝ
Δηλοποιεῖ

Ὅτι πλήρη ἐπίσημον ἔχων τῆς ὑποχρεώσεως οὐδεμίαν ἀνωτέρῳ ὑπηρεσίαν ἀποκλειστικῶς ἀναγνωρισθῇ πλὴν μόνης τῆς Ἀνωνύμου Ἑταιρίας τῶν ἰαματικῶν πηγῶν Λουτρακίου. Ἀπαγορεύεται δὲ εἰς πάντας ἄλλους ἡ πώλησις ὑδάτων ὑπὸ τὸ ὄνομα Λουτρακίου.

Ὅθεν ὁ καθ' οἱονδήποτε τρόπον ἐπεμβαίνων εἰς τὰ δικαιώματα τῆς Ἑταιρίας θὰ διωχθῇ κατὰ νόμον. Ἐν Λουτρακίῳ τῇ 25 Νοεμβρίου 1905.

Ὁ Δήμαρχος ΓΕΩΡΓΙΟΣ ΛΕΚΚΑΣ
ΑΝΩΝΥΜΟΝ ΕΤΑΙΡΙΑΝ
ΤΩΝ ΙΑΜΑΤΙΚΩΝ ΠΟΣΙΜΩΝ ΥΔΑΤΩΝ
ΤΗΣ ΕΛΛΑΔΟΣ
ΣΤΟ ΕΙΔΙΚΟΝ	21 Σταδίου
Καπέλλα HABIG
